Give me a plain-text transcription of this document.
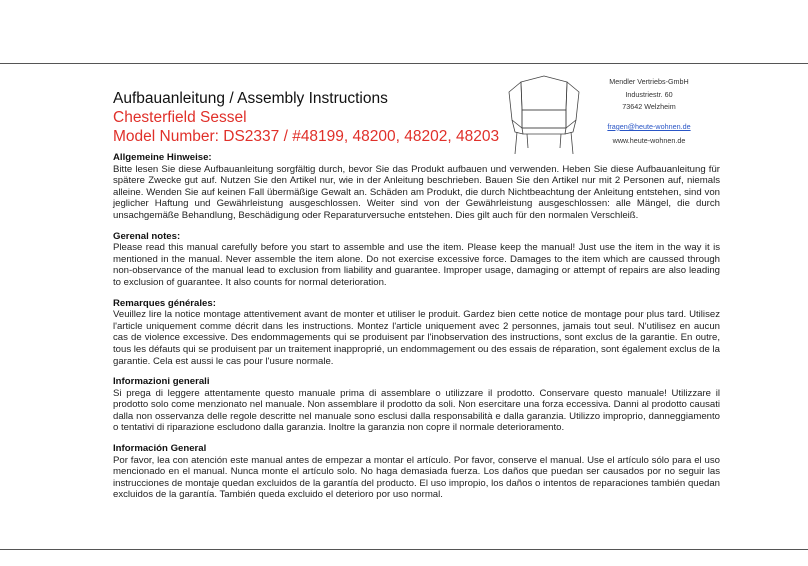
Aufbauanleitung / Assembly Instructions
Chesterfield Sessel
Model Number: DS2337 / #48199, 48200, 48202, 48203
Mendler Vertriebs-GmbH
Industriestr. 60
73642 Welzheim
fragen@heute-wohnen.de
www.heute-wohnen.de
Allgemeine Hinweise:

Bitte lesen Sie diese Aufbauanleitung sorgfältig durch, bevor Sie das Produkt aufbauen und verwenden. Heben Sie diese Aufbauanleitung für spätere Zwecke gut auf. Nutzen Sie den Artikel nur, wie in der Anleitung beschrieben. Bauen Sie den Artikel nur mit 2 Personen auf, niemals alleine. Wenden Sie auf keinen Fall übermäßige Gewalt an. Schäden am Produkt, die durch Nichtbeachtung der Anleitung entstehen, sind von jeglicher Haftung und Gewährleistung ausgeschlossen. Weiter sind von der Gewährleistung ausgeschlossen: alle Mängel, die durch unsachgemäße Behandlung, Beschädigung oder Reparaturversuche entstehen. Dies gilt auch für den normalen Verschleiß.

Gerenal notes:

Please read this manual carefully before you start to assemble and use the item. Please keep the manual! Just use the item in the way it is mentioned in the manual. Never assemble the item alone. Do not exercise excessive force. Damages to the item which are caussed through non-observance of the manual lead to exclusion from liability and guarantee. Improper usage, damaging or attempt of repairs are also leading to exclusion of guarantee. It also counts for normal deterioration.

Remarques générales:

Veuillez lire la notice montage attentivement avant de monter et utiliser le produit. Gardez bien cette notice de montage pour plus tard. Utilisez l'article uniquement comme décrit dans les instructions. Montez l'article uniquement avec 2 personnes, jamais tout seul. N'utilisez en aucun cas de violence excessive. Des endommagements qui se produisent par l'inobservation des instructions, sont exclus de la garantie. En outre, tous les défauts qui se produisent par un traitement inapproprié, un endommagement ou des essais de réparation, sont également exclus de la garantie. Cela est aussi le cas pour l'usure normale.

Informazioni generali

Si prega di leggere attentamente questo manuale prima di assemblare o utilizzare il prodotto. Conservare questo manuale! Utilizzare il prodotto solo come menzionato nel manuale. Non assemblare il prodotto da soli. Non esercitare una forza eccessiva. Danni al prodotto causati dalla non osservanza delle regole descritte nel manuale sono esclusi dalla responsabilità e dalla garanzia. Utilizzo improprio, danneggiamento o tentativi di riparazione escludono dalla garanzia. Inoltre la garanzia non copre il normale deterioramento.

Información General

Por favor, lea con atención este manual antes de empezar a montar el artículo. Por favor, conserve el manual. Use el artículo sólo para el uso mencionado en el manual. Nunca monte el artículo solo. No haga demasiada fuerza. Los daños que puedan ser causados por no seguir las instrucciones de montaje quedan excluidos de la garantía del producto. El uso impropio, los daños o intentos de reparaciones también quedan excluidos de la garantía. También queda excluido el deterioro por uso normal.
